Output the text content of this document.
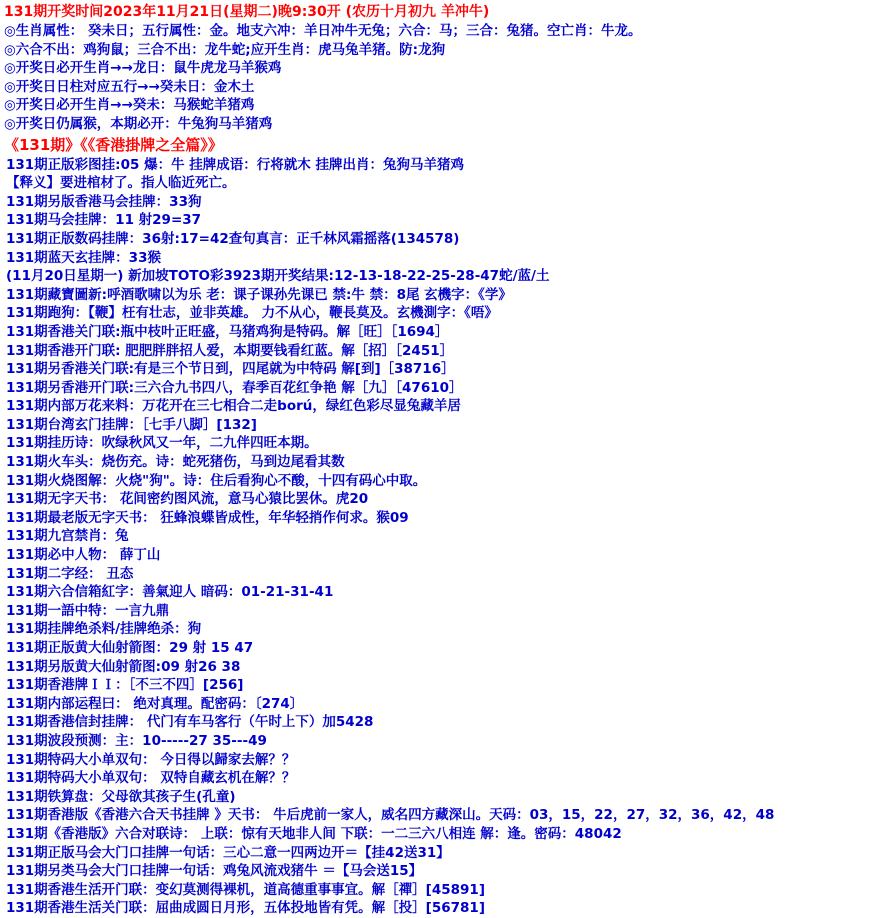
131期开奖时间2023年11月21日(星期二)晚9:30开 (农历十月初九 羊冲牛)
◎生肖属性： 癸未日；五行属性：金。地支六冲：羊日冲牛无兔；六合：马；三合：兔猪。空亡肖：牛龙。
◎六合不出：鸡狗鼠；三合不出：龙牛蛇;应开生肖：虎马兔羊猪。防:龙狗
◎开奖日必开生肖→→龙日：鼠牛虎龙马羊猴鸡
◎开奖日日柱对应五行→→癸未日：金木土
◎开奖日必开生肖→→癸未：马猴蛇羊猪鸡
◎开奖日仍属猴，本期必开：牛兔狗马羊猪鸡
《131期》《《香港掛牌之全篇》》
131期正版彩图挂:05 爆：牛 挂牌成语：行将就木 挂牌出肖：兔狗马羊猪鸡
【释义】要进棺材了。指人临近死亡。
131期另版香港马会挂牌：33狗
131期马会挂牌：11 射29=37
131期正版数码挂牌：36射:17=42查句真言：正千林风霜摇落(134578)
131期蓝天玄挂牌：33猴
(11月20日星期一) 新加坡TOTO彩3923期开奖结果:12-13-18-22-25-28-47蛇/蓝/土
131期藏寶圖新:呼酒歌啸以为乐 老：课子课孙先课已 禁:牛 禁：8尾 玄機字：《学》
131期跑狗：【鞭】枉有壮志，並非英雄。 力不从心，鞭長莫及。玄機測字：《唔》
131期香港关门联:瓶中枝叶正旺盛，马猪鸡狗是特码。解［旺］［1694］
131期香港开门联: 肥肥胖胖招人爱，本期要钱看红蓝。解［招］［2451］
131期另香港关门联:有是三个节日到，四尾就为中特码 解[到]［38716］
131期另香港开门联:三六合九书四八，春季百花红争艳 解［九］［47610］
131期内部万花来料：万花开在三七相合二走ború，绿红色彩尽显兔藏羊居
131期台湾玄门挂牌：［七手八脚］[132]
131期挂历诗：吹绿秋风又一年，二九伴四旺本期。
131期火车头：烧伤充。诗：蛇死猪伤，马到边尾看其数
131期火烧图解：火烧"狗"。诗：住后看狗心不酸，十四有码心中取。
131期无字天书： 花间密约图风流，意马心猿比罢休。虎20
131期最老版无字天书： 狂蜂浪蝶皆成性，年华轻捎作何求。猴09
131期九宫禁肖：兔
131期必中人物： 薛丁山
131期二字经： 丑态
131期六合信箱紅字：善氣迎人 暗码：01-21-31-41
131期一語中特：一言九鼎
131期挂牌绝杀料/挂牌绝杀：狗
131期正版黄大仙射箭图：29 射 15 47
131期另版黄大仙射箭图:09 射26 38
131期香港牌ＩＩ：［不三不四］[256]
131期内部运程曰： 绝对真理。配密码：〔274〕
131期香港信封挂牌： 代门有车马客行（午时上下）加5428
131期波段预测：主：10-----27 35---49
131期特码大小单双句： 今日得以歸家去解？？
131期特码大小单双句： 双特自藏玄机在解？？
131期铁算盘：父母欲其孩子生(孔童)
131期香港版《香港六合天书挂牌 》天书： 牛后虎前一家人，威名四方藏深山。天码：03，15，22，27，32，36，42，48
131期《香港版》六合对联诗： 上联：惊有天地非人间 下联：一二三六八相连 解：逢。密码：48042
131期正版马会大门口挂牌一句话：三心二意一四两边开＝【挂42送31】
131期另类马会大门口挂牌一句话：鸡兔风流戏猪牛 ＝【马会送15】
131期香港生活开门联：变幻莫测得裸机，道高德重事事宜。解［禪］[45891]
131期香港生活关门联：屈曲成圆日月形，五体投地皆有凭。解［投］[56781]
